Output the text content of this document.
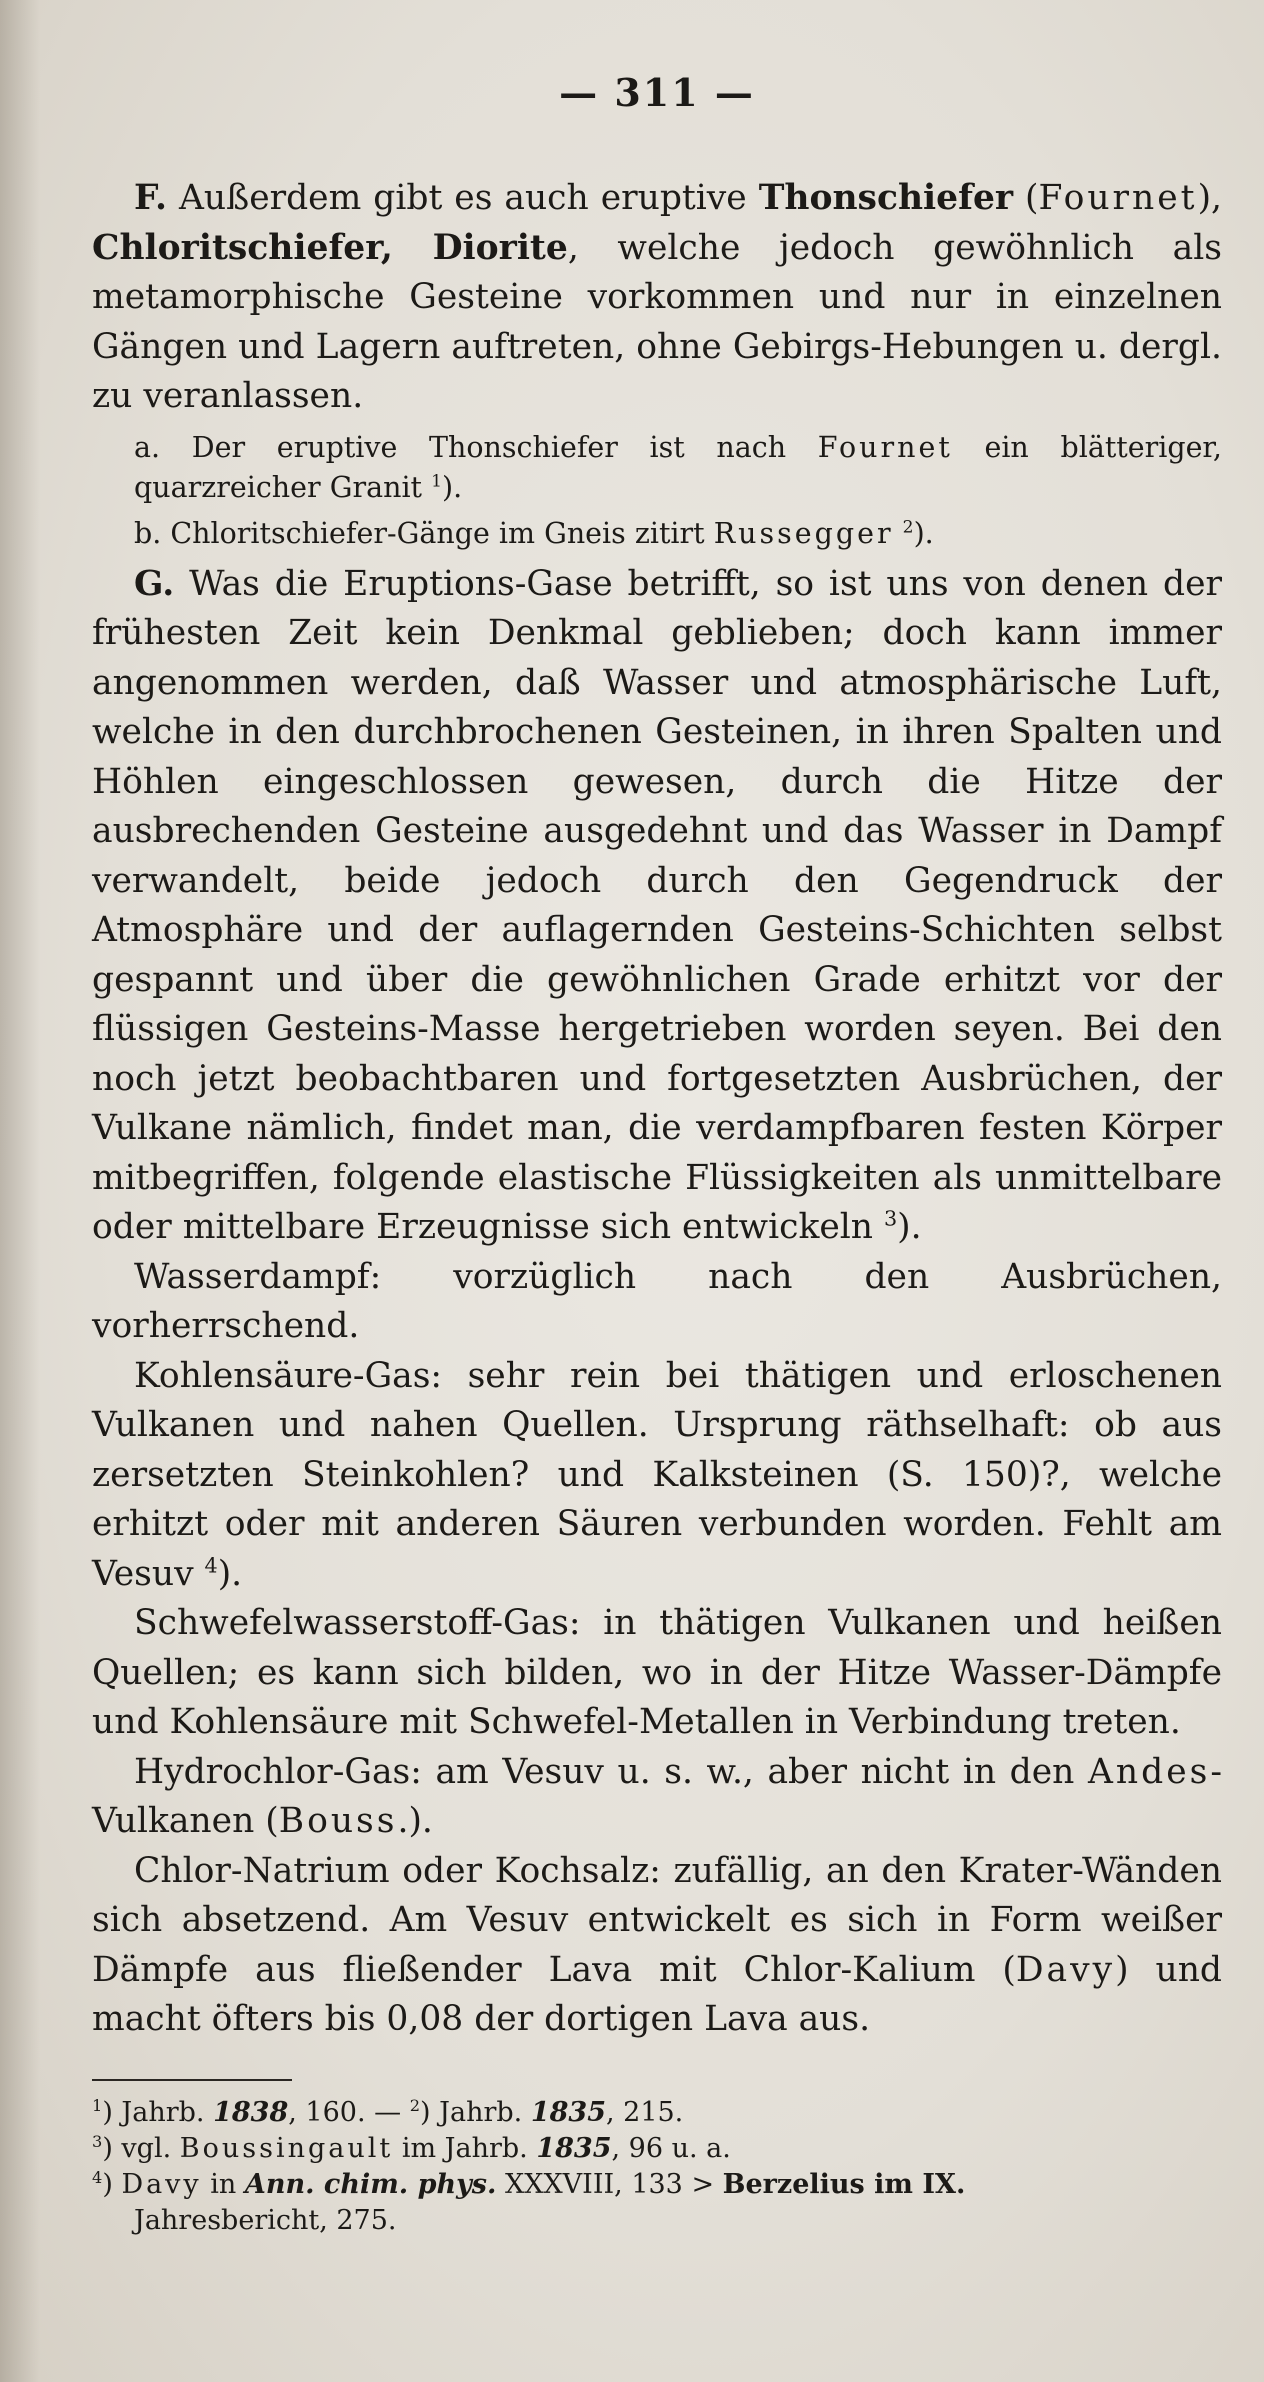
— 311 —

F. Außerdem gibt es auch eruptive Thonschiefer (Fournet), Chloritschiefer, Diorite, welche jedoch gewöhnlich als metamorphische Gesteine vorkommen und nur in einzelnen Gängen und Lagern auftreten, ohne Gebirgs-Hebungen u. dergl. zu veranlassen.

a. Der eruptive Thonschiefer ist nach Fournet ein blätteriger, quarzreicher Granit $^1$).

b. Chloritschiefer-Gänge im Gneis zitirt Russegger $^2$).

G. Was die Eruptions-Gase betrifft, so ist uns von denen der frühesten Zeit kein Denkmal geblieben; doch kann immer angenommen werden, daß Wasser und atmosphärische Luft, welche in den durchbrochenen Gesteinen, in ihren Spalten und Höhlen eingeschlossen gewesen, durch die Hitze der ausbrechenden Gesteine ausgedehnt und das Wasser in Dampf verwandelt, beide jedoch durch den Gegendruck der Atmosphäre und der auflagernden Gesteins-Schichten selbst gespannt und über die gewöhnlichen Grade erhitzt vor der flüssigen Gesteins-Masse hergetrieben worden seyen. Bei den noch jetzt beobachtbaren und fortgesetzten Ausbrüchen, der Vulkane nämlich, findet man, die verdampfbaren festen Körper mitbegriffen, folgende elastische Flüssigkeiten als unmittelbare oder mittelbare Erzeugnisse sich entwickeln $^3$).

Wasserdampf: vorzüglich nach den Ausbrüchen, vorherrschend.

Kohlensäure-Gas: sehr rein bei thätigen und erloschenen Vulkanen und nahen Quellen. Ursprung räthselhaft: ob aus zersetzten Steinkohlen? und Kalksteinen (S. 150)?, welche erhitzt oder mit anderen Säuren verbunden worden. Fehlt am Vesuv $^4$).

Schwefelwasserstoff-Gas: in thätigen Vulkanen und heißen Quellen; es kann sich bilden, wo in der Hitze Wasser-Dämpfe und Kohlensäure mit Schwefel-Metallen in Verbindung treten.

Hydrochlor-Gas: am Vesuv u. s. w., aber nicht in den Andes-Vulkanen (Bouss.).

Chlor-Natrium oder Kochsalz: zufällig, an den Krater-Wänden sich absetzend. Am Vesuv entwickelt es sich in Form weißer Dämpfe aus fließender Lava mit Chlor-Kalium (Davy) und macht öfters bis 0,08 der dortigen Lava aus.

$^1$) Jahrb. 1838, 160. — $^2$) Jahrb. 1835, 215.

$^3$) vgl. Boussingault im Jahrb. 1835, 96 u. a.

$^4$) Davy in Ann. chim. phys. XXXVIII, 133 > Berzelius im IX.
Jahresbericht, 275.
